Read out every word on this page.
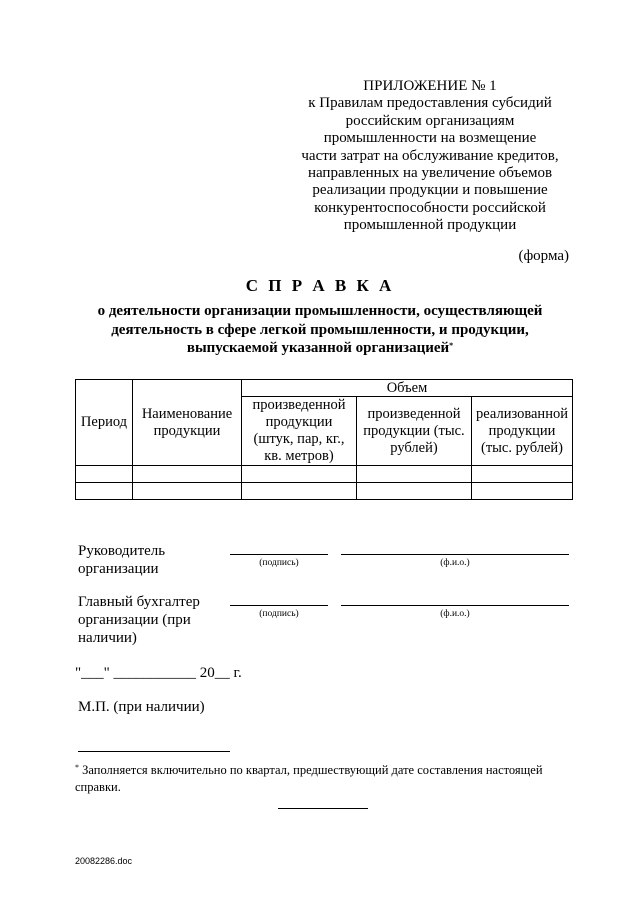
ПРИЛОЖЕНИЕ № 1
к Правилам предоставления субсидий
российским организациям
промышленности на возмещение
части затрат на обслуживание кредитов,
направленных на увеличение объемов
реализации продукции и повышение
конкурентоспособности российской
промышленной продукции
(форма)
С П Р А В К А
о деятельности организации промышленности, осуществляющей
деятельность в сфере легкой промышленности, и продукции,
выпускаемой указанной организацией*
Период	Наименование продукции	Объем		
		произведенной продукции (штук, пар, кг., кв. метров)	произведенной продукции (тыс. рублей)	реализованной продукции (тыс. рублей)

Руководитель организации	(подпись)	(ф.и.о.)
Главный бухгалтер организации (при наличии)
(подпись)	(ф.и.о.)
"___" ___________ 20__ г.
М.П. (при наличии)
* Заполняется включительно по квартал, предшествующий дате составления настоящей справки.
20082286.doc
